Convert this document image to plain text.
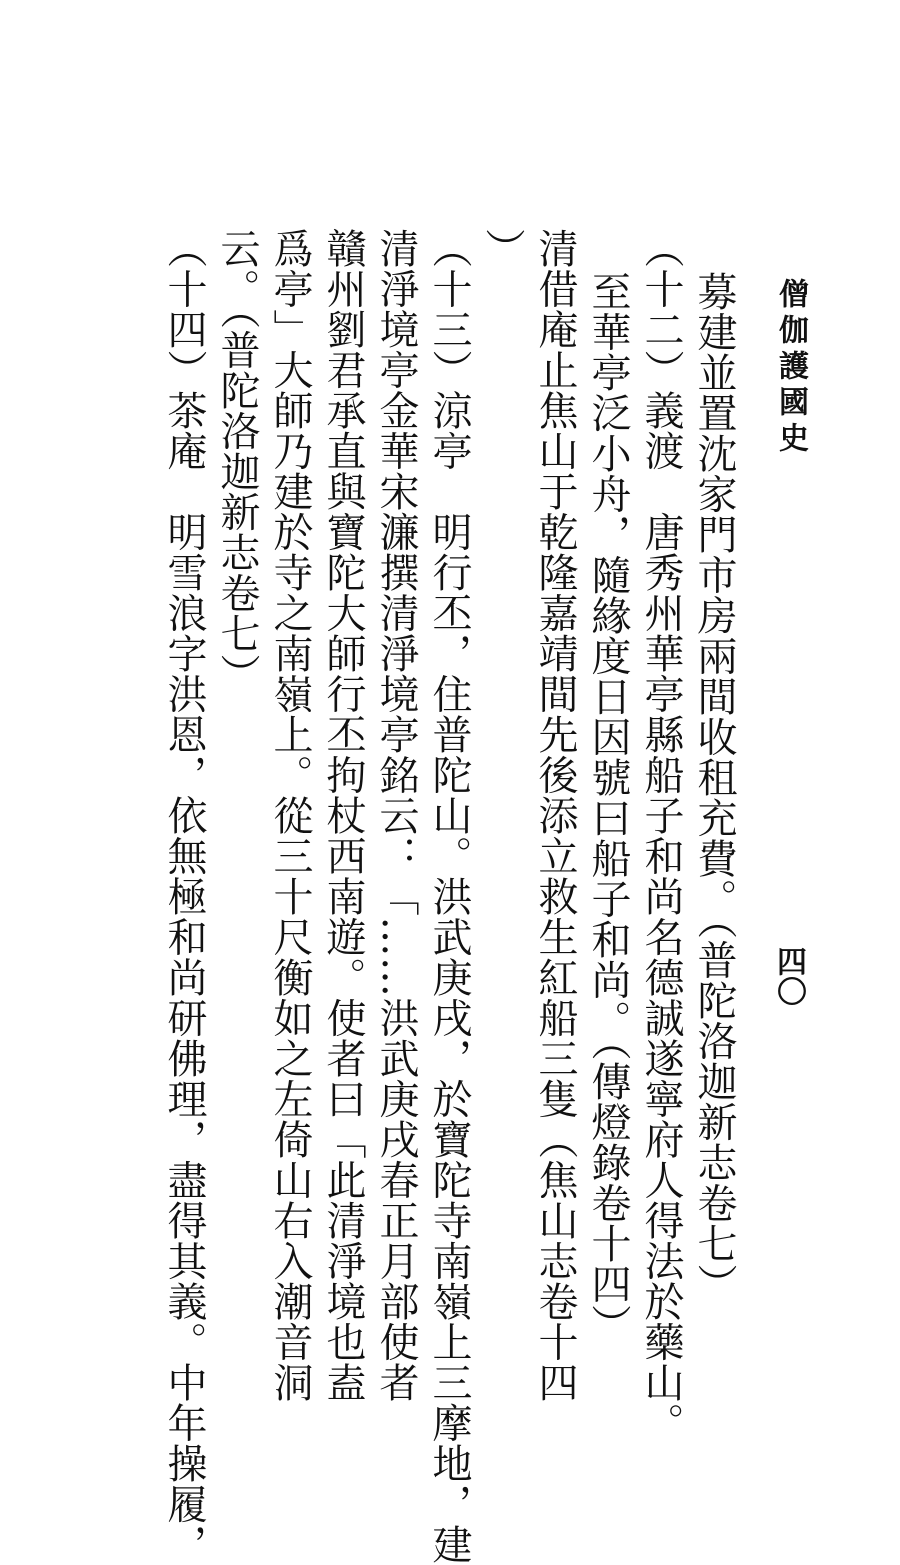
僧伽護國史
四〇
募建並置沈家門市房兩間收租充費。（普陀洛迦新志卷七）
（十二）義渡　唐秀州華亭縣船子和尚名德誠遂寧府人得法於藥山。
至華亭泛小舟，隨緣度日因號曰船子和尚。（傳燈錄卷十四）
清借庵止焦山于乾隆嘉靖間先後添立救生紅船三隻（焦山志卷十四
）
（十三）涼亭　明行丕，住普陀山。洪武庚戌，於寶陀寺南嶺上三摩地，建
清淨境亭金華宋濂撰清淨境亭銘云：「……洪武庚戌春正月部使者
贛州劉君承直與寶陀大師行丕拘杖西南遊。使者曰「此清淨境也盍
爲亭」大師乃建於寺之南嶺上。從三十尺衡如之左倚山右入潮音洞
云。（普陀洛迦新志卷七）
（十四）茶庵　明雪浪字洪恩，依無極和尚研佛理，盡得其義。中年操履，
